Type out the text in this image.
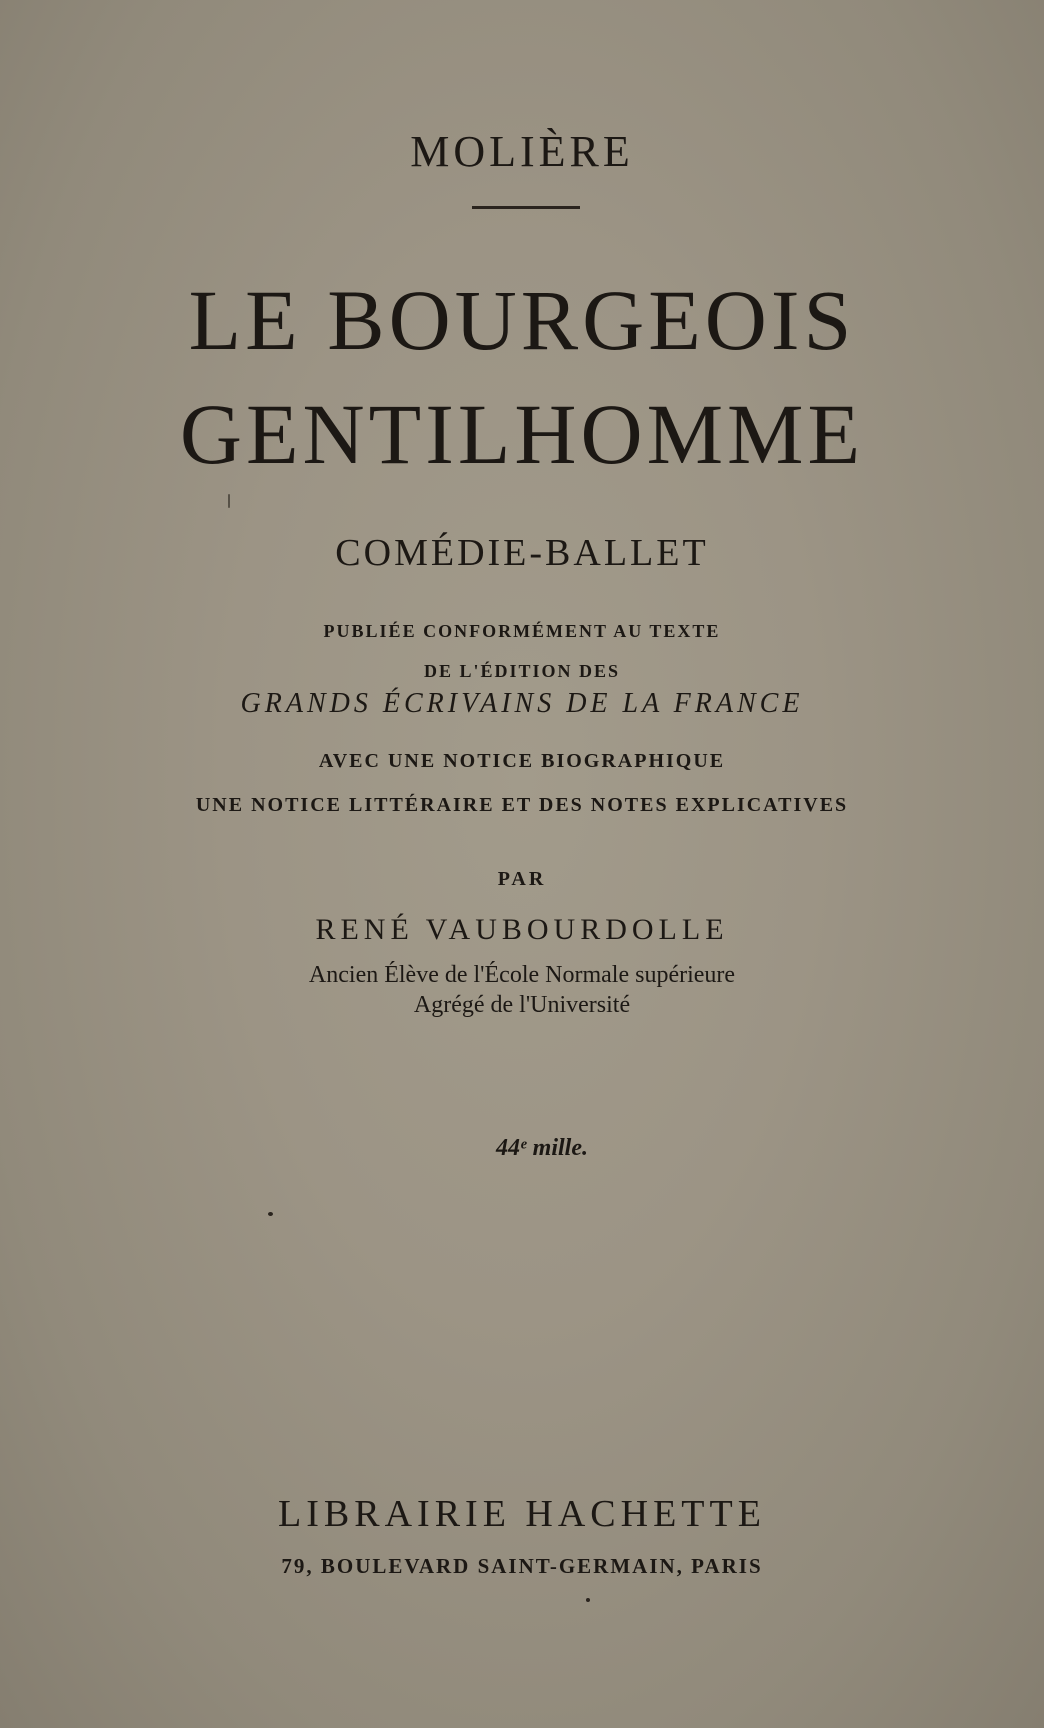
MOLIÈRE
LE BOURGEOIS
GENTILHOMME
COMÉDIE-BALLET
PUBLIÉE CONFORMÉMENT AU TEXTE
DE L'ÉDITION DES
GRANDS ÉCRIVAINS DE LA FRANCE
AVEC UNE NOTICE BIOGRAPHIQUE
UNE NOTICE LITTÉRAIRE ET DES NOTES EXPLICATIVES
PAR
RENÉ VAUBOURDOLLE
Ancien Élève de l'École Normale supérieure
Agrégé de l'Université
44ᵉ mille.
LIBRAIRIE HACHETTE
79, BOULEVARD SAINT-GERMAIN, PARIS
